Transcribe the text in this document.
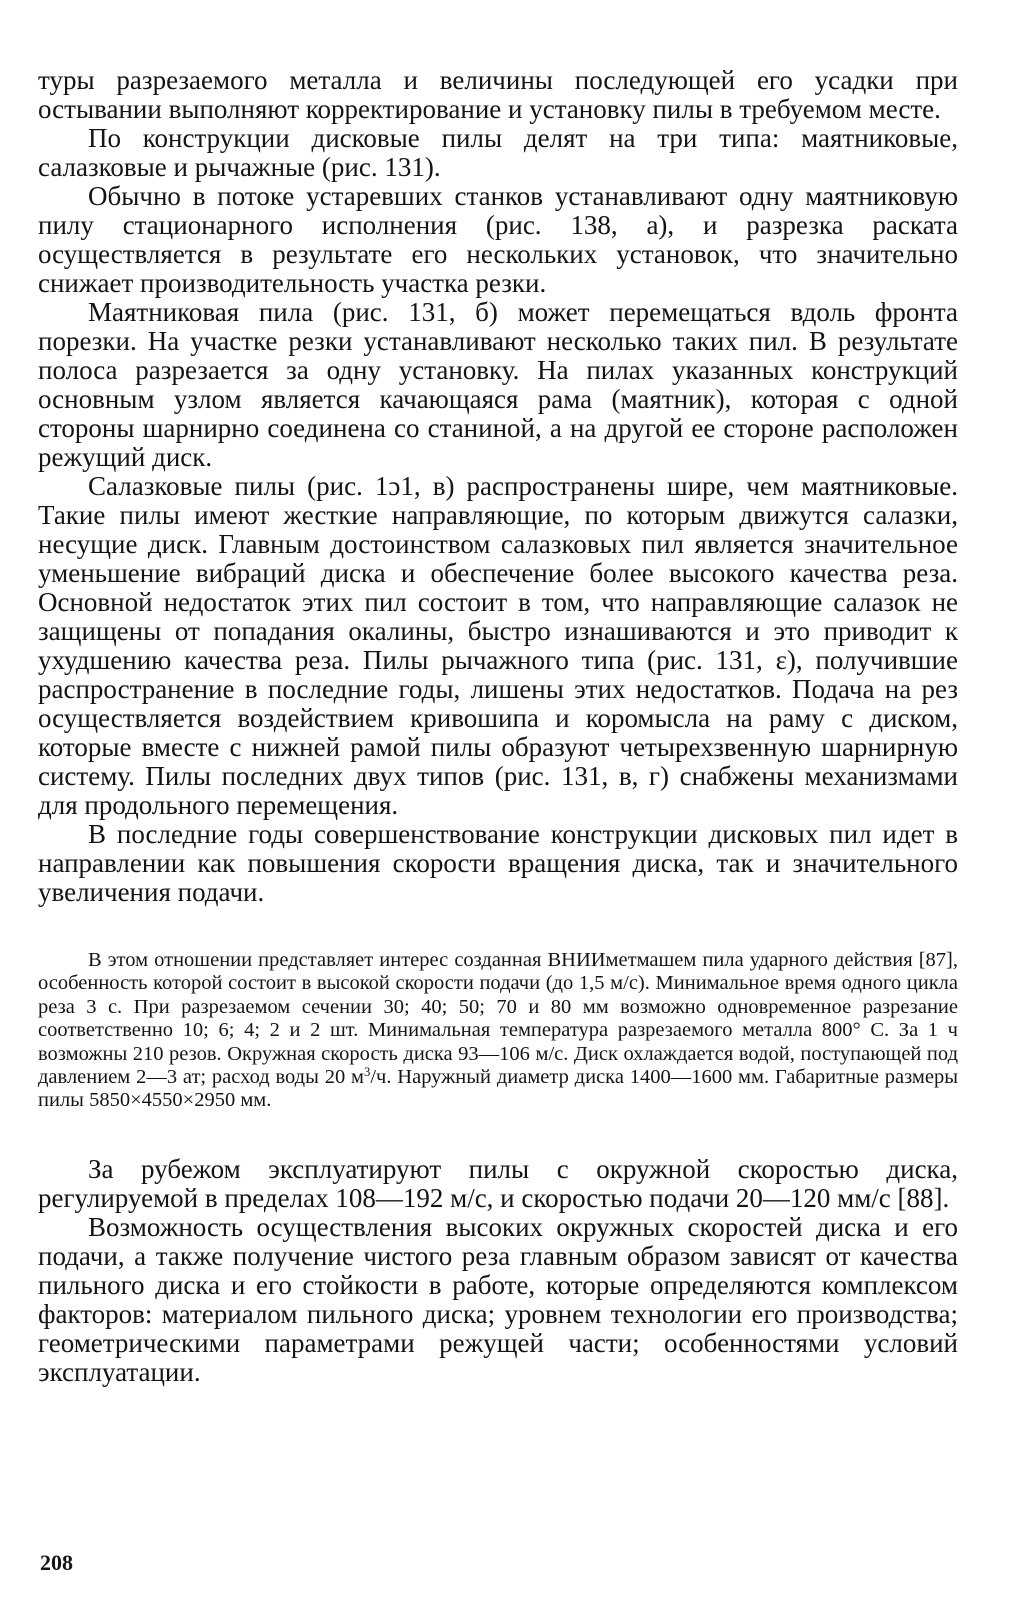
туры разрезаемого металла и величины последующей его усадки при остывании выполняют корректирование и установку пилы в требуемом месте.

По конструкции дисковые пилы делят на три типа: маятниковые, салазковые и рычажные (рис. 131).

Обычно в потоке устаревших станков устанавливают одну маятниковую пилу стационарного исполнения (рис. 138, а), и разрезка раската осуществляется в результате его нескольких установок, что значительно снижает производительность участка резки.

Маятниковая пила (рис. 131, б) может перемещаться вдоль фронта порезки. На участке резки устанавливают несколько таких пил. В результате полоса разрезается за одну установку. На пилах указанных конструкций основным узлом является качающаяся рама (маятник), которая с одной стороны шарнирно соединена со станиной, а на другой ее стороне расположен режущий диск.

Салазковые пилы (рис. 1ɔ1, в) распространены шире, чем маятниковые. Такие пилы имеют жесткие направляющие, по которым движутся салазки, несущие диск. Главным достоинством салазковых пил является значительное уменьшение вибраций диска и обеспечение более высокого качества реза. Основной недостаток этих пил состоит в том, что направляющие салазок не защищены от попадания окалины, быстро изнашиваются и это приводит к ухудшению качества реза. Пилы рычажного типа (рис. 131, ɛ), получившие распространение в последние годы, лишены этих недостатков. Подача на рез осуществляется воздействием кривошипа и коромысла на раму с диском, которые вместе с нижней рамой пилы образуют четырехзвенную шарнирную систему. Пилы последних двух типов (рис. 131, в, г) снабжены механизмами для продольного перемещения.

В последние годы совершенствование конструкции дисковых пил идет в направлении как повышения скорости вращения диска, так и значительного увеличения подачи.

В этом отношении представляет интерес созданная ВНИИметмашем пила ударного действия [87], особенность которой состоит в высокой скорости подачи (до 1,5 м/с). Минимальное время одного цикла реза 3 с. При разрезаемом сечении 30; 40; 50; 70 и 80 мм возможно одновременное разрезание соответственно 10; 6; 4; 2 и 2 шт. Минимальная температура разрезаемого металла 800° С. За 1 ч возможны 210 резов. Окружная скорость диска 93—106 м/с. Диск охлаждается водой, поступающей под давлением 2—3 ат; расход воды 20 $м^3/ч$. Наружный диаметр диска 1400—1600 мм. Габаритные размеры пилы 5850×4550×2950 мм.

За рубежом эксплуатируют пилы с окружной скоростью диска, регулируемой в пределах 108—192 м/с, и скоростью подачи 20—120 мм/с [88].

Возможность осуществления высоких окружных скоростей диска и его подачи, а также получение чистого реза главным образом зависят от качества пильного диска и его стойкости в работе, которые определяются комплексом факторов: материалом пильного диска; уровнем технологии его производства; геометрическими параметрами режущей части; особенностями условий эксплуатации.

208
